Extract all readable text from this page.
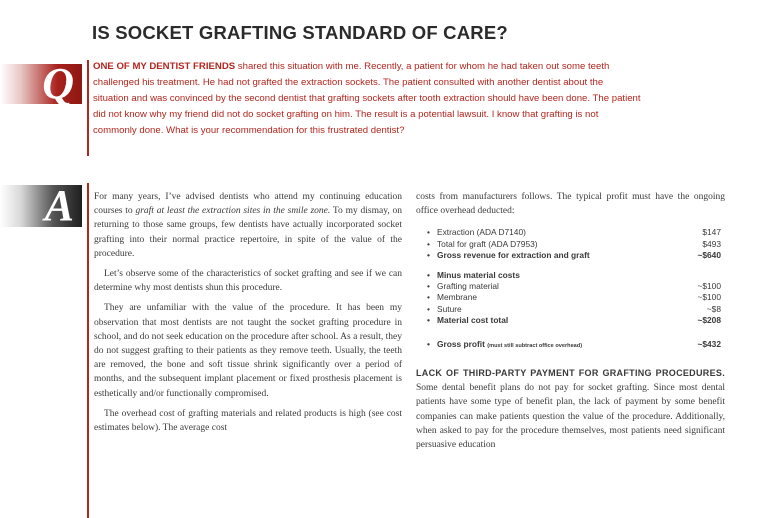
IS SOCKET GRAFTING STANDARD OF CARE?
Q ONE OF MY DENTIST FRIENDS shared this situation with me. Recently, a patient for whom he had taken out some teeth challenged his treatment. He had not grafted the extraction sockets. The patient consulted with another dentist about the situation and was convinced by the second dentist that grafting sockets after tooth extraction should have been done. The patient did not know why my friend did not do socket grafting on him. The result is a potential lawsuit. I know that grafting is not commonly done. What is your recommendation for this frustrated dentist?

A For many years, I’ve advised dentists who attend my continuing education courses to graft at least the extraction sites in the smile zone. To my dismay, on returning to those same groups, few dentists have actually incorporated socket grafting into their normal practice repertoire, in spite of the value of the procedure.

Let’s observe some of the characteristics of socket grafting and see if we can determine why most dentists shun this procedure.

They are unfamiliar with the value of the procedure. It has been my observation that most dentists are not taught the socket grafting procedure in school, and do not seek education on the procedure after school. As a result, they do not suggest grafting to their patients as they remove teeth. Usually, the teeth are removed, the bone and soft tissue shrink significantly over a period of months, and the subsequent implant placement or fixed prosthesis placement is esthetically and/or functionally compromised.

The overhead cost of grafting materials and related products is high (see cost estimates below). The average cost

costs from manufacturers follows. The typical profit must have the ongoing office overhead deducted:

• Extraction (ADA D7140)	$147
• Total for graft (ADA D7953)	$493
• Gross revenue for extraction and graft	~$640
• Minus material costs
• Grafting material	~$100
• Membrane	~$100
• Suture	~$8
• Material cost total	~$208
• Gross profit (must still subtract office overhead)	~$432

LACK OF THIRD-PARTY PAYMENT FOR GRAFTING PROCEDURES. Some dental benefit plans do not pay for socket grafting. Since most dental patients have some type of benefit plan, the lack of payment by some benefit companies can make patients question the value of the procedure. Additionally, when asked to pay for the procedure themselves, most patients need significant persuasive education
